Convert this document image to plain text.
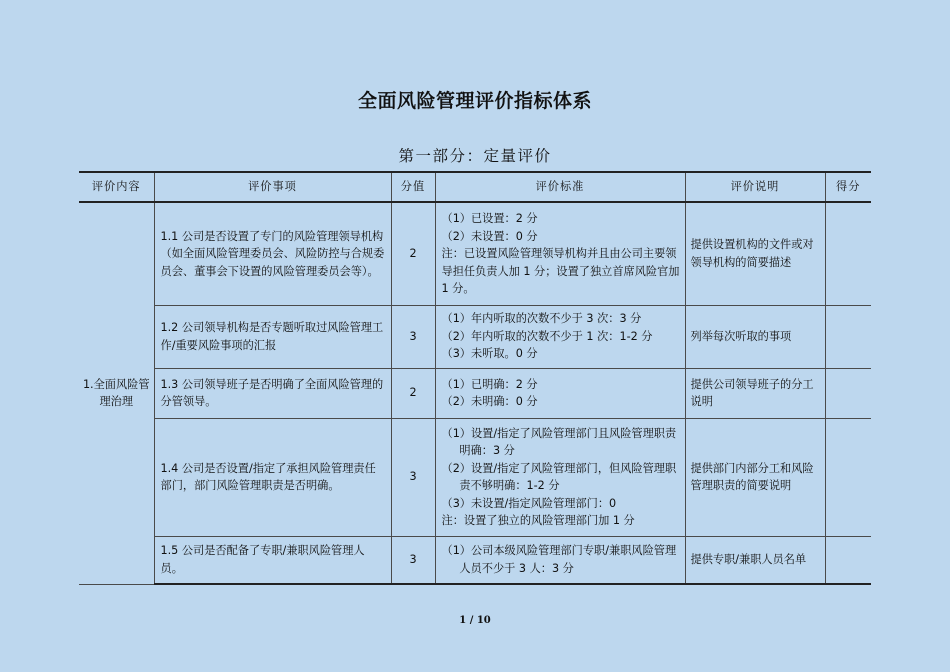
全面风险管理评价指标体系
第一部分：定量评价
评价内容	评价事项	分值	评价标准	评价说明	得分
1.全面风险管理治理	1.1 公司是否设置了专门的风险管理领导机构（如全面风险管理委员会、风险防控与合规委员会、董事会下设置的风险管理委员会等）。	2	（1）已设置：2 分
（2）未设置：0 分
注：已设置风险管理领导机构并且由公司主要领导担任负责人加 1 分；设置了独立首席风险官加 1 分。	提供设置机构的文件或对领导机构的简要描述	
	1.2 公司领导机构是否专题听取过风险管理工作/重要风险事项的汇报	3	（1）年内听取的次数不少于 3 次：3 分
（2）年内听取的次数不少于 1 次：1-2 分
（3）未听取。0 分	列举每次听取的事项	
	1.3 公司领导班子是否明确了全面风险管理的分管领导。	2	（1）已明确：2 分
（2）未明确：0 分	提供公司领导班子的分工说明	
	1.4 公司是否设置/指定了承担风险管理责任部门，部门风险管理职责是否明确。	3	（1）设置/指定了风险管理部门且风险管理职责明确：3 分
（2）设置/指定了风险管理部门，但风险管理职责不够明确：1-2 分
（3）未设置/指定风险管理部门：0
注：设置了独立的风险管理部门加 1 分	提供部门内部分工和风险管理职责的简要说明	
	1.5 公司是否配备了专职/兼职风险管理人员。	3	（1）公司本级风险管理部门专职/兼职风险管理人员不少于 3 人：3 分	提供专职/兼职人员名单	
1 / 10
